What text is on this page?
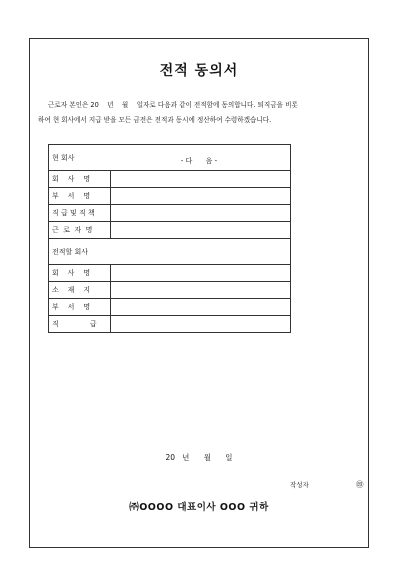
전적 동의서

근로자 본인은 20    년    월    일자로 다음과 같이 전적함에 동의합니다. 퇴직금을 비롯

하여 현 회사에서 지급 받을 모든 금전은 전적과 동시에 정산하여 수령하겠습니다.

- 다      음 -
20   년      월      일
작성자	㊞
㈜OOOO 대표이사 OOO 귀하
현 회사	
회    사    명	
부    서    명	
직 급 및 직 책	
근  로  자  명	
전적할 회사	
회    사    명	
소    재    지	
부    서    명	
직              급	
